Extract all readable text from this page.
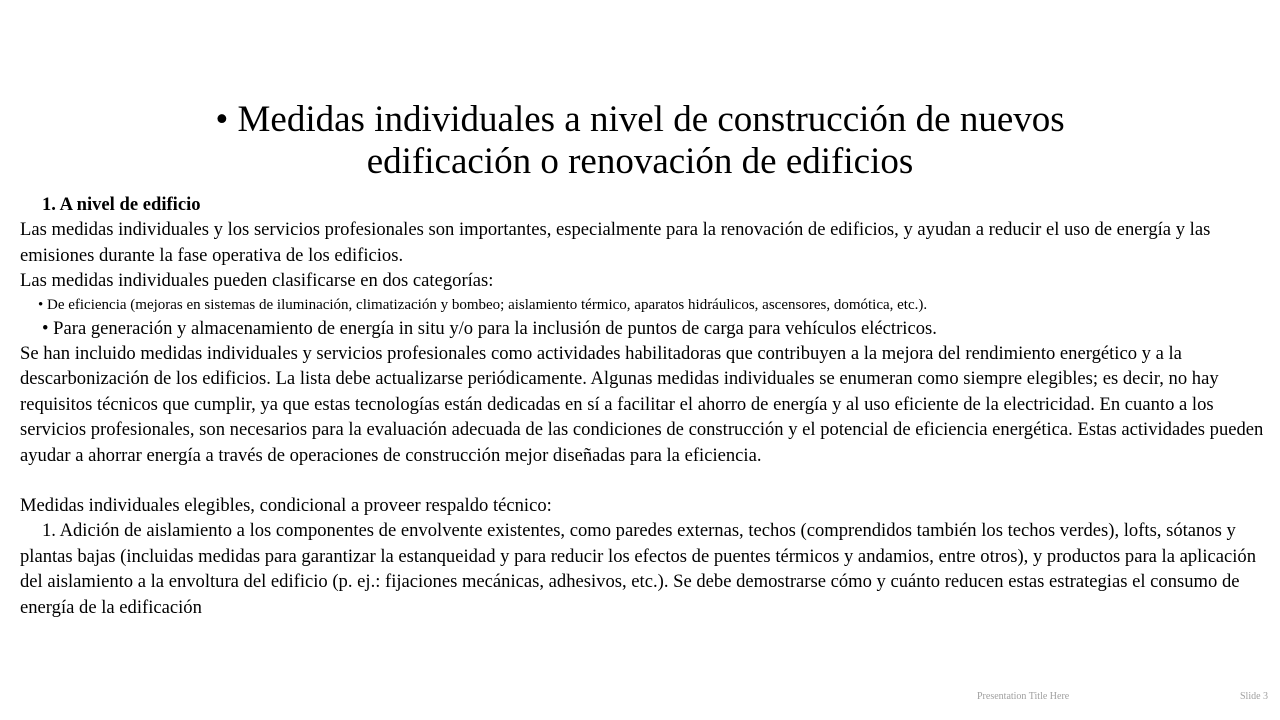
• Medidas individuales a nivel de construcción de nuevos
edificación o renovación de edificios

1. A nivel de edificio

Las medidas individuales y los servicios profesionales son importantes, especialmente para la renovación de edificios, y ayudan a reducir el uso de energía y las emisiones durante la fase operativa de los edificios.

Las medidas individuales pueden clasificarse en dos categorías:

• De eficiencia (mejoras en sistemas de iluminación, climatización y bombeo; aislamiento térmico, aparatos hidráulicos, ascensores, domótica, etc.).

• Para generación y almacenamiento de energía in situ y/o para la inclusión de puntos de carga para vehículos eléctricos.

Se han incluido medidas individuales y servicios profesionales como actividades habilitadoras que contribuyen a la mejora del rendimiento energético y a la descarbonización de los edificios. La lista debe actualizarse periódicamente. Algunas medidas individuales se enumeran como siempre elegibles; es decir, no hay requisitos técnicos que cumplir, ya que estas tecnologías están dedicadas en sí a facilitar el ahorro de energía y al uso eficiente de la electricidad. En cuanto a los servicios profesionales, son necesarios para la evaluación adecuada de las condiciones de construcción y el potencial de eficiencia energética. Estas actividades pueden ayudar a ahorrar energía a través de operaciones de construcción mejor diseñadas para la eficiencia.

Medidas individuales elegibles, condicional a proveer respaldo técnico:

1. Adición de aislamiento a los componentes de envolvente existentes, como paredes externas, techos (comprendidos también los techos verdes), lofts, sótanos y plantas bajas (incluidas medidas para garantizar la estanqueidad y para reducir los efectos de puentes térmicos y andamios, entre otros), y productos para la aplicación del aislamiento a la envoltura del edificio (p. ej.: fijaciones mecánicas, adhesivos, etc.). Se debe demostrarse cómo y cuánto reducen estas estrategias el consumo de energía de la edificación

Presentation Title Here	Slide 3
